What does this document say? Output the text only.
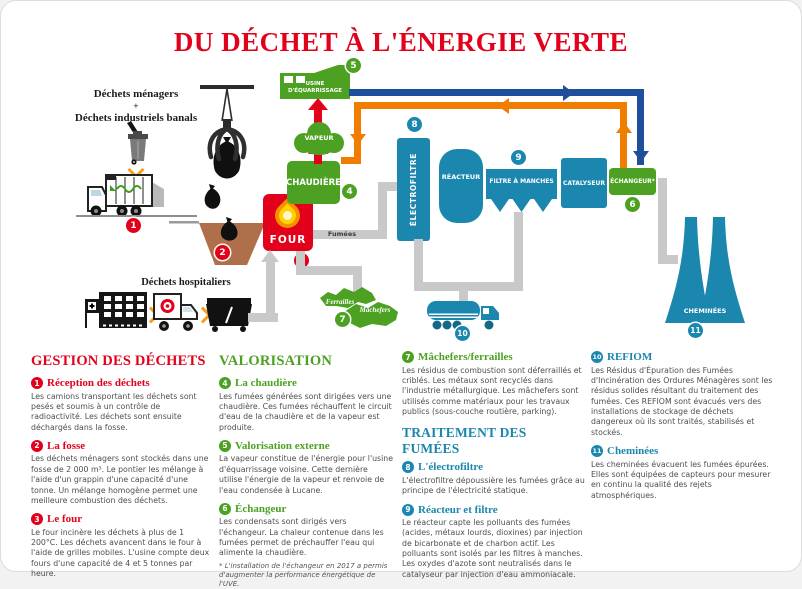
DU DÉCHET À L'ÉNERGIE VERTE
Déchets ménagers
+
Déchets industriels banals
1
2
FOUR
CHAUDIÈRE
4
VAPEUR
USINE D'ÉQUARRISSAGE
5
Fumées
ÉLECTROFILTRE
8
RÉACTEUR
FILTRE À MANCHES
9
CATALYSEUR ÉCHANGEUR*
6
CHEMINÉES
11
10
Ferrailles
Mâchefers
7
Déchets hospitaliers
GESTION DES DÉCHETS
1 Réception des déchets

Les camions transportant les déchets sont pesés et soumis à un contrôle de radioactivité. Les déchets sont ensuite déchargés dans la fosse.

2 La fosse

Les déchets ménagers sont stockés dans une fosse de 2 000 m³. Le pontier les mélange à l'aide d'un grappin d'une capacité d'une tonne. Un mélange homogène permet une meilleure combustion des déchets.

3 Le four

Le four incinère les déchets à plus de 1 200°C. Les déchets avancent dans le four à l'aide de grilles mobiles. L'usine compte deux fours d'une capacité de 4 et 5 tonnes par heure.

VALORISATION
4 La chaudière

Les fumées générées sont dirigées vers une chaudière. Ces fumées réchauffent le circuit d'eau de la chaudière et de la vapeur est produite.

5 Valorisation externe

La vapeur constitue de l'énergie pour l'usine d'équarrissage voisine. Cette dernière utilise l'énergie de la vapeur et renvoie de l'eau condensée à Lucane.

6 Échangeur

Les condensats sont dirigés vers l'échangeur. La chaleur contenue dans les fumées permet de préchauffer l'eau qui alimente la chaudière.

* L'installation de l'échangeur en 2017 a permis d'augmenter la performance énergétique de l'UVE.
7 Mâchefers/ferrailles

Les résidus de combustion sont déferraillés et criblés. Les métaux sont recyclés dans l'industrie métallurgique. Les mâchefers sont utilisés comme matériaux pour les travaux publics (sous-couche routière, parking).

TRAITEMENT DES FUMÉES
8 L'électrofiltre

L'électrofiltre dépoussière les fumées grâce au principe de l'électricité statique.

9 Réacteur et filtre

Le réacteur capte les polluants des fumées (acides, métaux lourds, dioxines) par injection de bicarbonate et de charbon actif. Les polluants sont isolés par les filtres à manches. Les oxydes d'azote sont neutralisés dans le catalyseur par injection d'eau ammoniacale.

10 REFIOM

Les Résidus d'Épuration des Fumées d'Incinération des Ordures Ménagères sont les résidus solides résultant du traitement des fumées. Ces REFIOM sont évacués vers des installations de stockage de déchets dangereux où ils sont traités, stabilisés et stockés.

11 Cheminées

Les cheminées évacuent les fumées épurées. Elles sont équipées de capteurs pour mesurer en continu la qualité des rejets atmosphériques.
